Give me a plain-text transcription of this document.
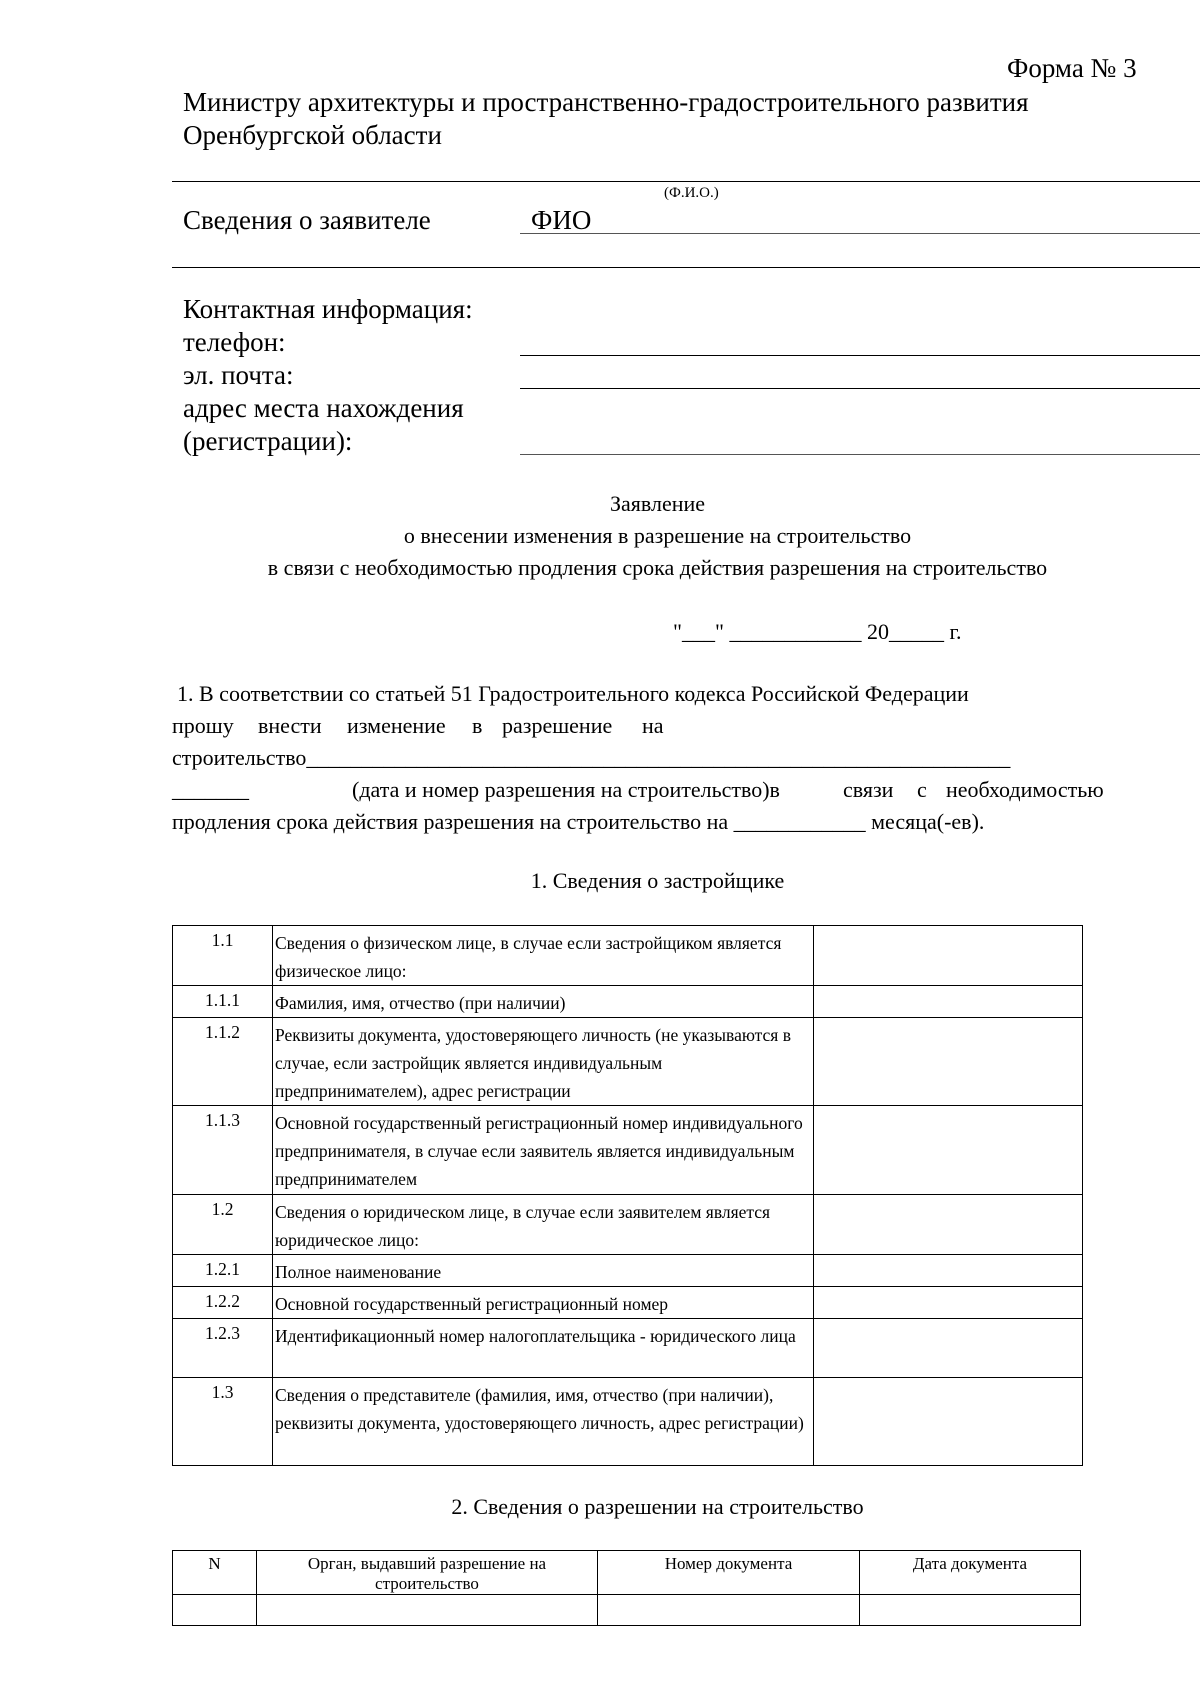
Форма № 3
Министру архитектуры и пространственно-градостроительного развития
Оренбургской области
(Ф.И.О.)
Сведения о заявителе	ФИО
Контактная информация:
телефон:
эл. почта:
адрес места нахождения
(регистрации):
Заявление
о внесении изменения в разрешение на строительство
в связи с необходимостью продления срока действия разрешения на строительство
"___" ____________ 20_____ г.
1. В соответствии со статьей 51 Градостроительного кодекса Российской Федерации
прошу внести изменение в разрешение на
строительство________________________________________________________________
_______	(дата и номер разрешения на строительство)в	связи с необходимостью
продления срока действия разрешения на строительство на ____________ месяца(-ев).
1. Сведения о застройщике
1.1	Сведения о физическом лице, в случае если застройщиком является физическое лицо:	
1.1.1	Фамилия, имя, отчество (при наличии)	
1.1.2	Реквизиты документа, удостоверяющего личность (не указываются в случае, если застройщик является индивидуальным предпринимателем), адрес регистрации	
1.1.3	Основной государственный регистрационный номер индивидуального предпринимателя, в случае если заявитель является индивидуальным предпринимателем	
1.2	Сведения о юридическом лице, в случае если заявителем является юридическое лицо:	
1.2.1	Полное наименование	
1.2.2	Основной государственный регистрационный номер	
1.2.3	Идентификационный номер налогоплательщика - юридического лица	
1.3	Сведения о представителе (фамилия, имя, отчество (при наличии), реквизиты документа, удостоверяющего личность, адрес регистрации)	
2. Сведения о разрешении на строительство
N	Орган, выдавший разрешение на строительство	Номер документа	Дата документа
